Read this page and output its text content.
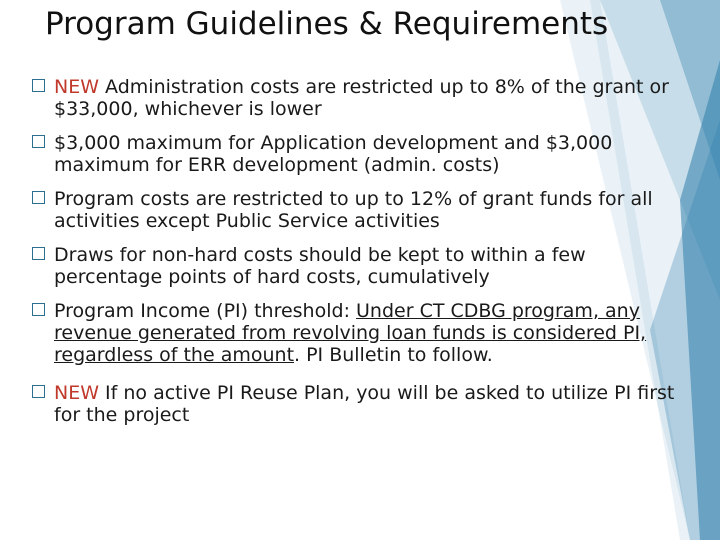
Program Guidelines & Requirements
NEW Administration costs are restricted up to 8% of the grant or $33,000, whichever is lower
$3,000 maximum for Application development and $3,000 maximum for ERR development (admin. costs)
Program costs are restricted to up to 12% of grant funds for all activities except Public Service activities
Draws for non-hard costs should be kept to within a few percentage points of hard costs, cumulatively
Program Income (PI) threshold: Under CT CDBG program, any revenue generated from revolving loan funds is considered PI, regardless of the amount. PI Bulletin to follow.
NEW If no active PI Reuse Plan, you will be asked to utilize PI first for the project
